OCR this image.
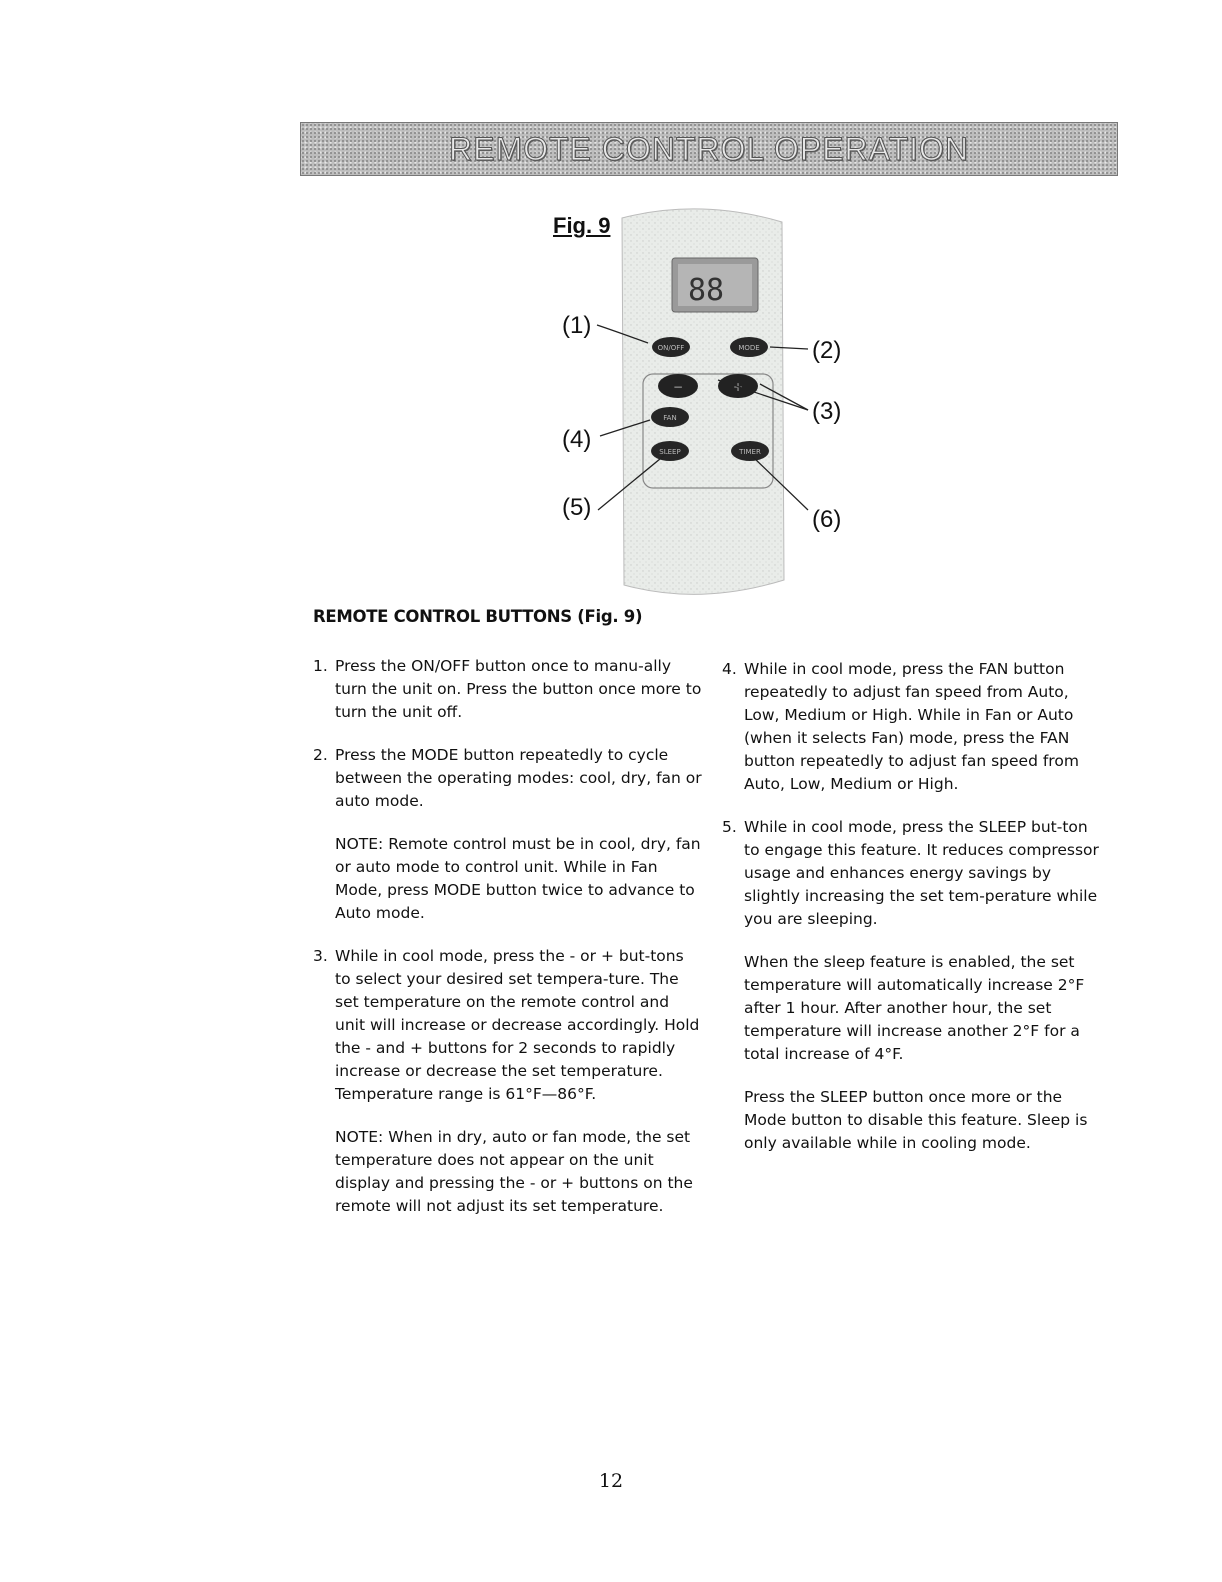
REMOTE CONTROL OPERATION
Fig. 9
88
ON/OFF	MODE
−	+
FAN
SLEEP	TIMER
(1)
(2)
(3)
(4)
(5)	(6)
REMOTE CONTROL BUTTONS (Fig. 9)
1. Press the ON/OFF button once to manu-ally turn the unit on. Press the button once more to turn the unit off.

2. Press the MODE button repeatedly to cycle between the operating modes: cool, dry, fan or auto mode.

NOTE: Remote control must be in cool, dry, fan or auto mode to control unit. While in Fan Mode, press MODE button twice to advance to Auto mode.

3. While in cool mode, press the - or + but-tons to select your desired set tempera-ture. The set temperature on the remote control and unit will increase or decrease accordingly. Hold the - and + buttons for 2 seconds to rapidly increase or decrease the set temperature. Temperature range is 61°F—86°F.

NOTE: When in dry, auto or fan mode, the set temperature does not appear on the unit display and pressing the - or + buttons on the remote will not adjust its set temperature.

4. While in cool mode, press the FAN button repeatedly to adjust fan speed from Auto, Low, Medium or High. While in Fan or Auto (when it selects Fan) mode, press the FAN button repeatedly to adjust fan speed from Auto, Low, Medium or High.

5. While in cool mode, press the SLEEP but-ton to engage this feature. It reduces compressor usage and enhances energy savings by slightly increasing the set tem-perature while you are sleeping.

When the sleep feature is enabled, the set temperature will automatically increase 2°F after 1 hour. After another hour, the set temperature will increase another 2°F for a total increase of 4°F.

Press the SLEEP button once more or the Mode button to disable this feature. Sleep is only available while in cooling mode.

12
